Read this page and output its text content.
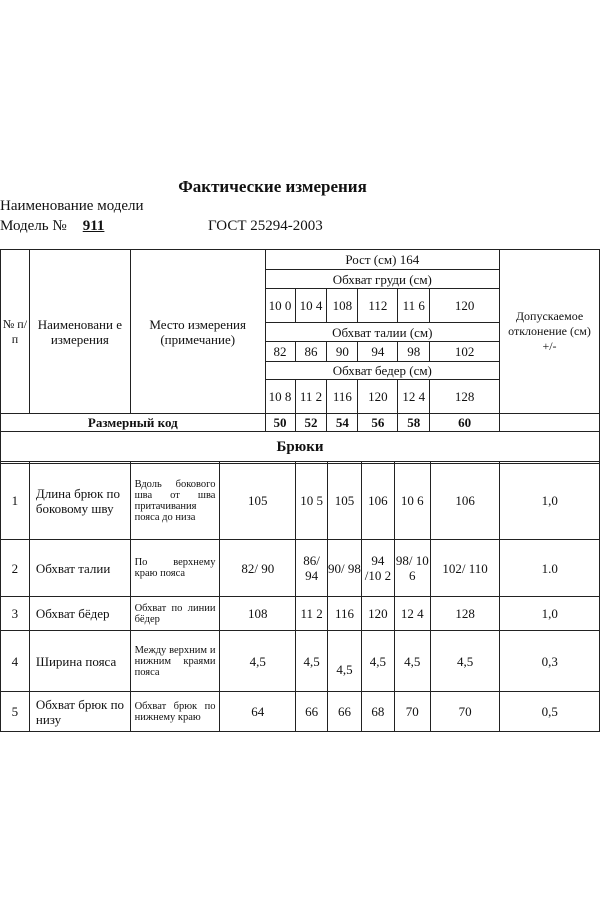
Фактические измерения
Наименование модели
Модель № 911	ГОСТ 25294-2003
№ п/ п	Наименовани е измерения	Место измерения (примечание)	Рост (см) 164						Допускаемое отклонение (см) +/-
			Обхват груди (см)						
			10 0	10 4	108	112	11 6	120	
			Обхват талии (см)						
			82	86	90	94	98	102	
			Обхват бедер (см)						
			10 8	11 2	116	120	12 4	128	
Размерный код			50	52	54	56	58	60	
Брюки									
1	Длина брюк по боковому шву	Вдоль бокового шва от шва притачивания пояса до низа	105	10 5	105	106	10 6	106	1,0
2	Обхват талии	По верхнему краю пояса	82/ 90	86/ 94	90/ 98	94 /10 2	98/ 10 6	102/ 110	1.0
3	Обхват бёдер	Обхват по линии бёдер	108	11 2	116	120	12 4	128	1,0
4	Ширина пояса	Между верхним и нижним краями пояса	4,5	4,5	4,5	4,5	4,5	4,5	0,3
5	Обхват брюк по низу	Обхват брюк по нижнему краю	64	66	66	68	70	70	0,5
